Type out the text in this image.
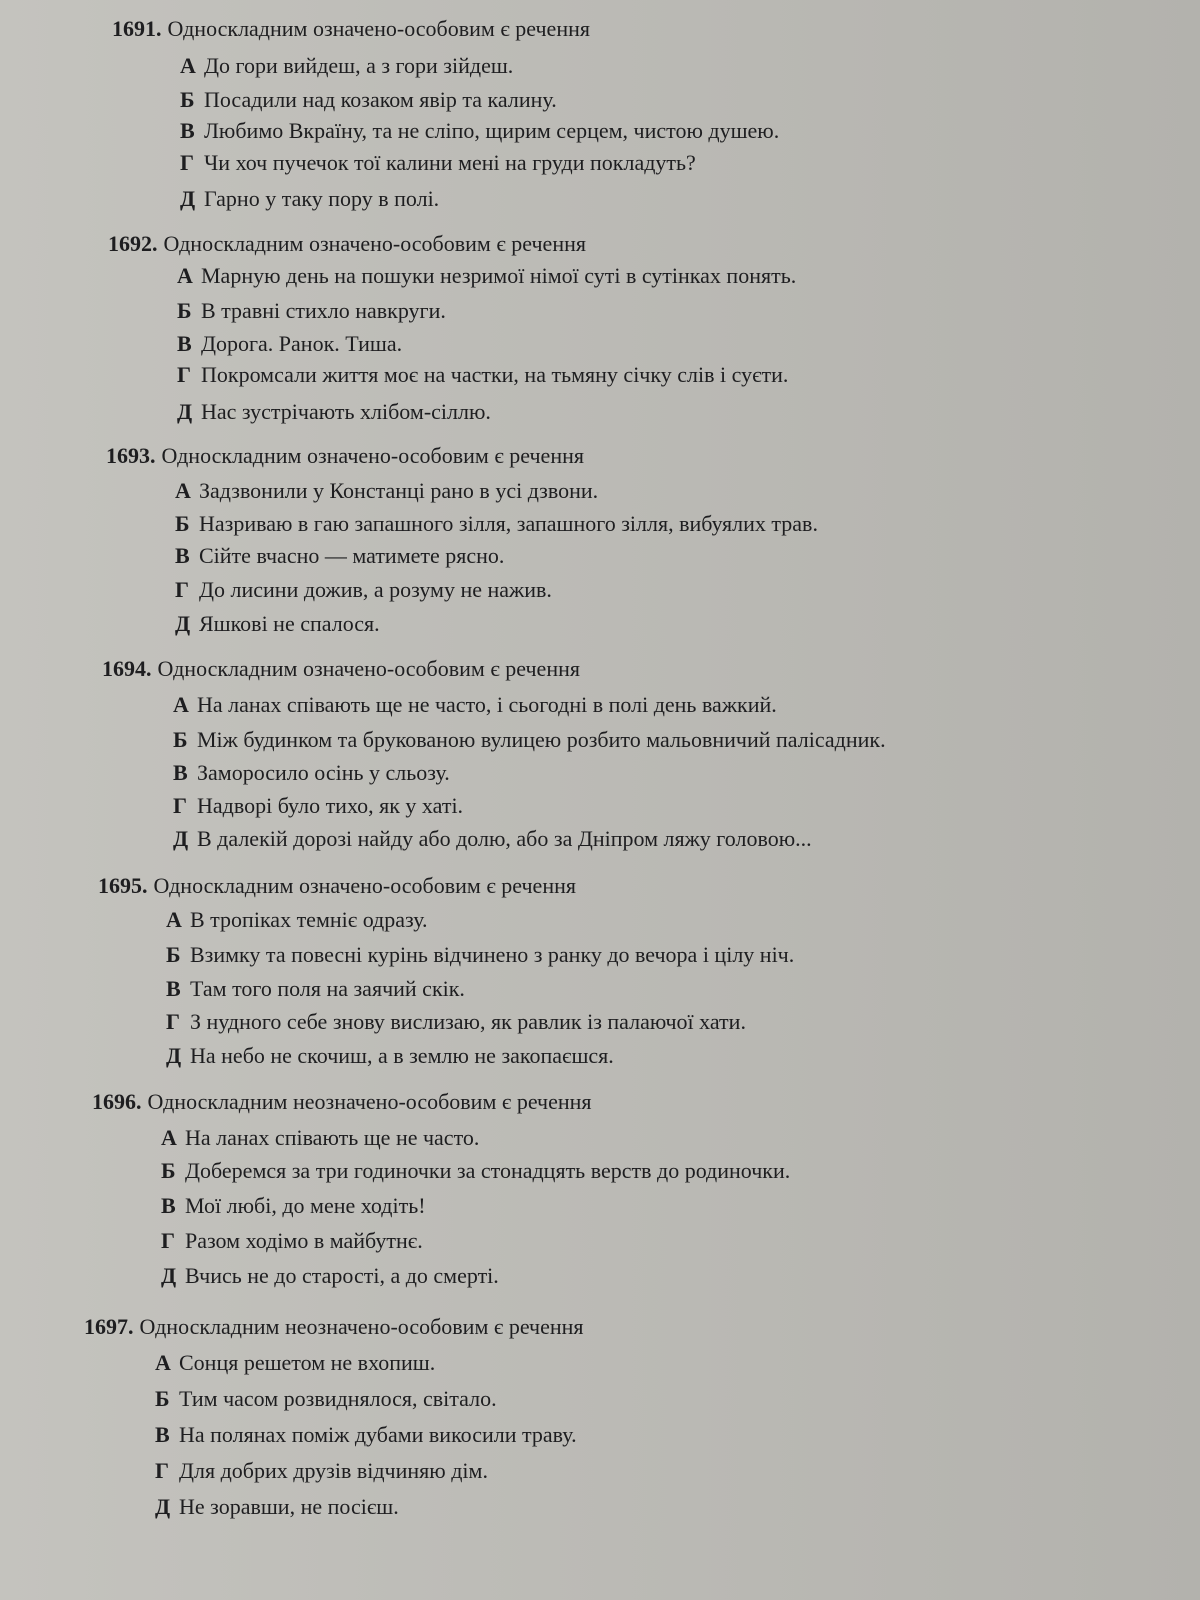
1691. Односкладним означено-особовим є речення
А До гори вийдеш, а з гори зійдеш.
Б Посадили над козаком явір та калину.
В Любимо Вкраїну, та не сліпо, щирим серцем, чистою душею.
Г Чи хоч пучечок тої калини мені на груди покладуть?
Д Гарно у таку пору в полі.
1692. Односкладним означено-особовим є речення
А Марную день на пошуки незримої німої суті в сутінках понять.
Б В травні стихло навкруги.
В Дорога. Ранок. Тиша.
Г Покромсали життя моє на частки, на тьмяну січку слів і суєти.
Д Нас зустрічають хлібом-сіллю.
1693. Односкладним означено-особовим є речення
А Задзвонили у Констанці рано в усі дзвони.
Б Назриваю в гаю запашного зілля, запашного зілля, вибуялих трав.
В Сійте вчасно — матимете рясно.
Г До лисини дожив, а розуму не нажив.
Д Яшкові не спалося.
1694. Односкладним означено-особовим є речення
А На ланах співають ще не часто, і сьогодні в полі день важкий.
Б Між будинком та брукованою вулицею розбито мальовничий палісадник.
В Заморосило осінь у сльозу.
Г Надворі було тихо, як у хаті.
Д В далекій дорозі найду або долю, або за Дніпром ляжу головою...
1695. Односкладним означено-особовим є речення
А В тропіках темніє одразу.
Б Взимку та повесні курінь відчинено з ранку до вечора і цілу ніч.
В Там того поля на заячий скік.
Г З нудного себе знову вислизаю, як равлик із палаючої хати.
Д На небо не скочиш, а в землю не закопаєшся.
1696. Односкладним неозначено-особовим є речення
А На ланах співають ще не часто.
Б Доберемся за три годиночки за стонадцять верств до родиночки.
В Мої любі, до мене ходіть!
Г Разом ходімо в майбутнє.
Д Вчись не до старості, а до смерті.
1697. Односкладним неозначено-особовим є речення
А Сонця решетом не вхопиш.
Б Тим часом розвиднялося, світало.
В На полянах поміж дубами викосили траву.
Г Для добрих друзів відчиняю дім.
Д Не зоравши, не посієш.
